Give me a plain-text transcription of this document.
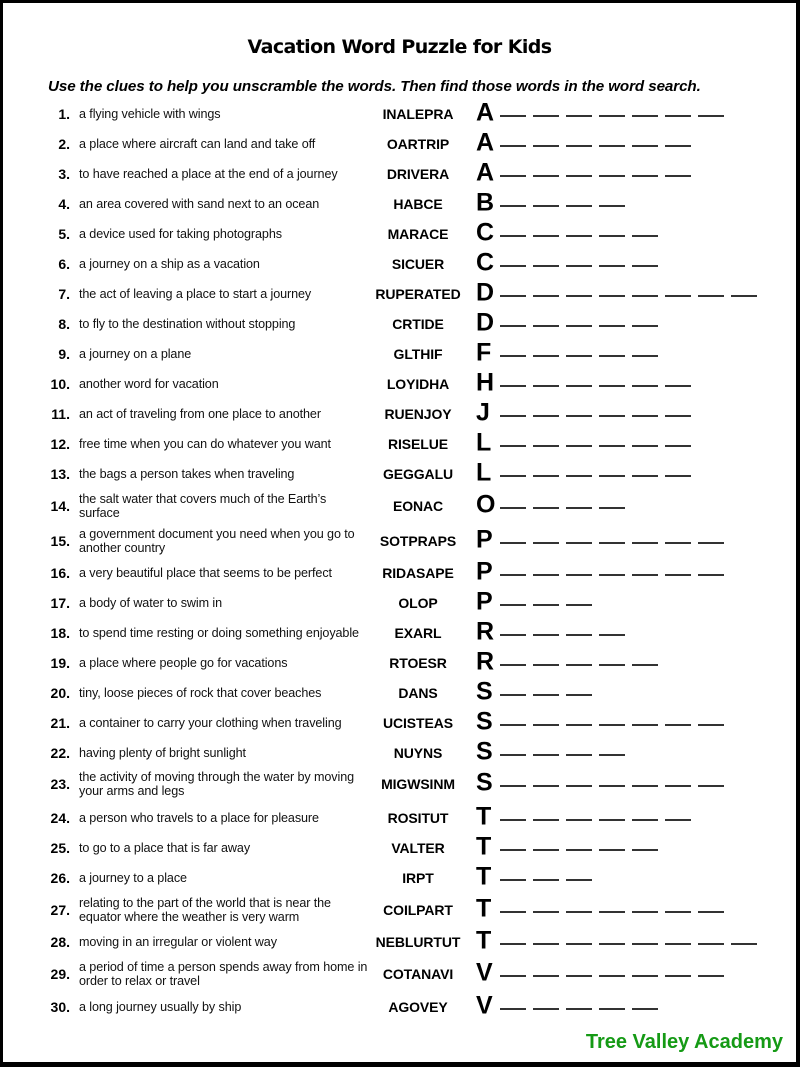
Vacation Word Puzzle for Kids
Use the clues to help you unscramble the words. Then find those words in the word search.
1. a flying vehicle with wings	INALEPRA A
2. a place where aircraft can land and take off	OARTRIP	A
3. to have reached a place at the end of a journey	DRIVERA	A
4. an area covered with sand next to an ocean	HABCE	B
5. a device used for taking photographs	MARACE	C
6. a journey on a ship as a vacation	SICUER	C
7. the act of leaving a place to start a journey	RUPERATED D
8. to fly to the destination without stopping	CRTIDE	D
9. a journey on a plane	GLTHIF	F
10. another word for vacation	LOYIDHA	H
11. an act of traveling from one place to another	RUENJOY J
12. free time when you can do whatever you want	RISELUE	L
13. the bags a person takes when traveling	GEGGALU L
14. the salt water that covers much of the Earth’s surface	EONAC	O
15. a government document you need when you go to another country	SOTPRAPS P
16. a very beautiful place that seems to be perfect	RIDASAPE P
17. a body of water to swim in	OLOP	P
18. to spend time resting or doing something enjoyable	EXARL	R
19. a place where people go for vacations	RTOESR	R
20. tiny, loose pieces of rock that cover beaches	DANS	S
21. a container to carry your clothing when traveling	UCISTEAS S
22. having plenty of bright sunlight	NUYNS	S
23. the activity of moving through the water by moving your arms and legs	MIGWSINM S
24. a person who travels to a place for pleasure	ROSITUT	T
25. to go to a place that is far away	VALTER	T
26. a journey to a place	IRPT	T
27. relating to the part of the world that is near the equator where the weather is very warm	COILPART T
28. moving in an irregular or violent way	NEBLURTUT T
29. a period of time a person spends away from home in order to relax or travel	COTANAVI V
30. a long journey usually by ship	AGOVEY	V
Tree Valley Academy
